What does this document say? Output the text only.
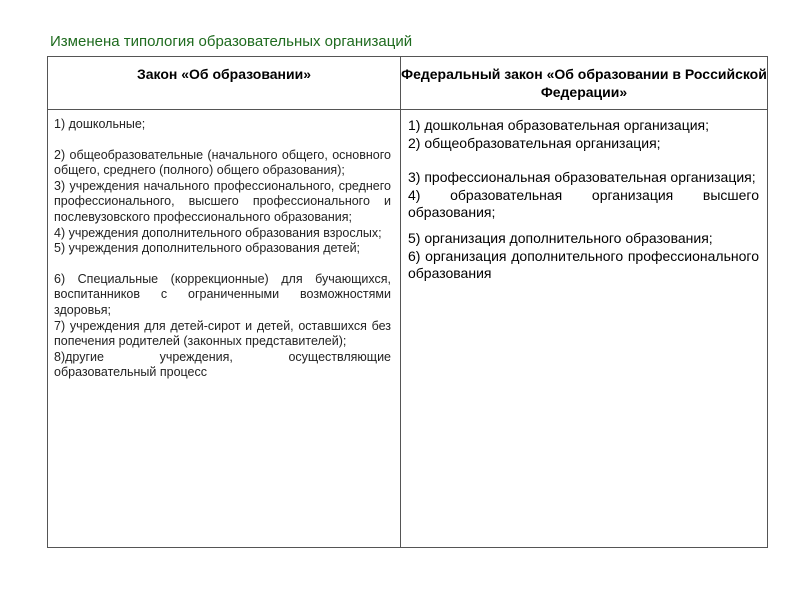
Изменена типология образовательных организаций
Закон «Об образовании»	Федеральный закон «Об образовании в Российской Федерации»
1) дошкольные;
2) общеобразовательные (начального общего, основного общего, среднего (полного) общего образования);
3) учреждения начального профессионального, среднего профессионального, высшего профессионального и послевузовского профессионального образования;
4) учреждения дополнительного образования взрослых;
5) учреждения дополнительного образования детей;
6) Специальные (коррекционные) для бучающихся, воспитанников с ограниченными возможностями здоровья;
7) учреждения для детей-сирот и детей, оставшихся без попечения родителей (законных представителей);
8)другие учреждения, осуществляющие образовательный процесс
1) дошкольная образовательная организация;
2) общеобразовательная организация;
3) профессиональная образовательная организация;
4) образовательная организация высшего образования;
5) организация дополнительного образования;
6) организация дополнительного профессионального образования
